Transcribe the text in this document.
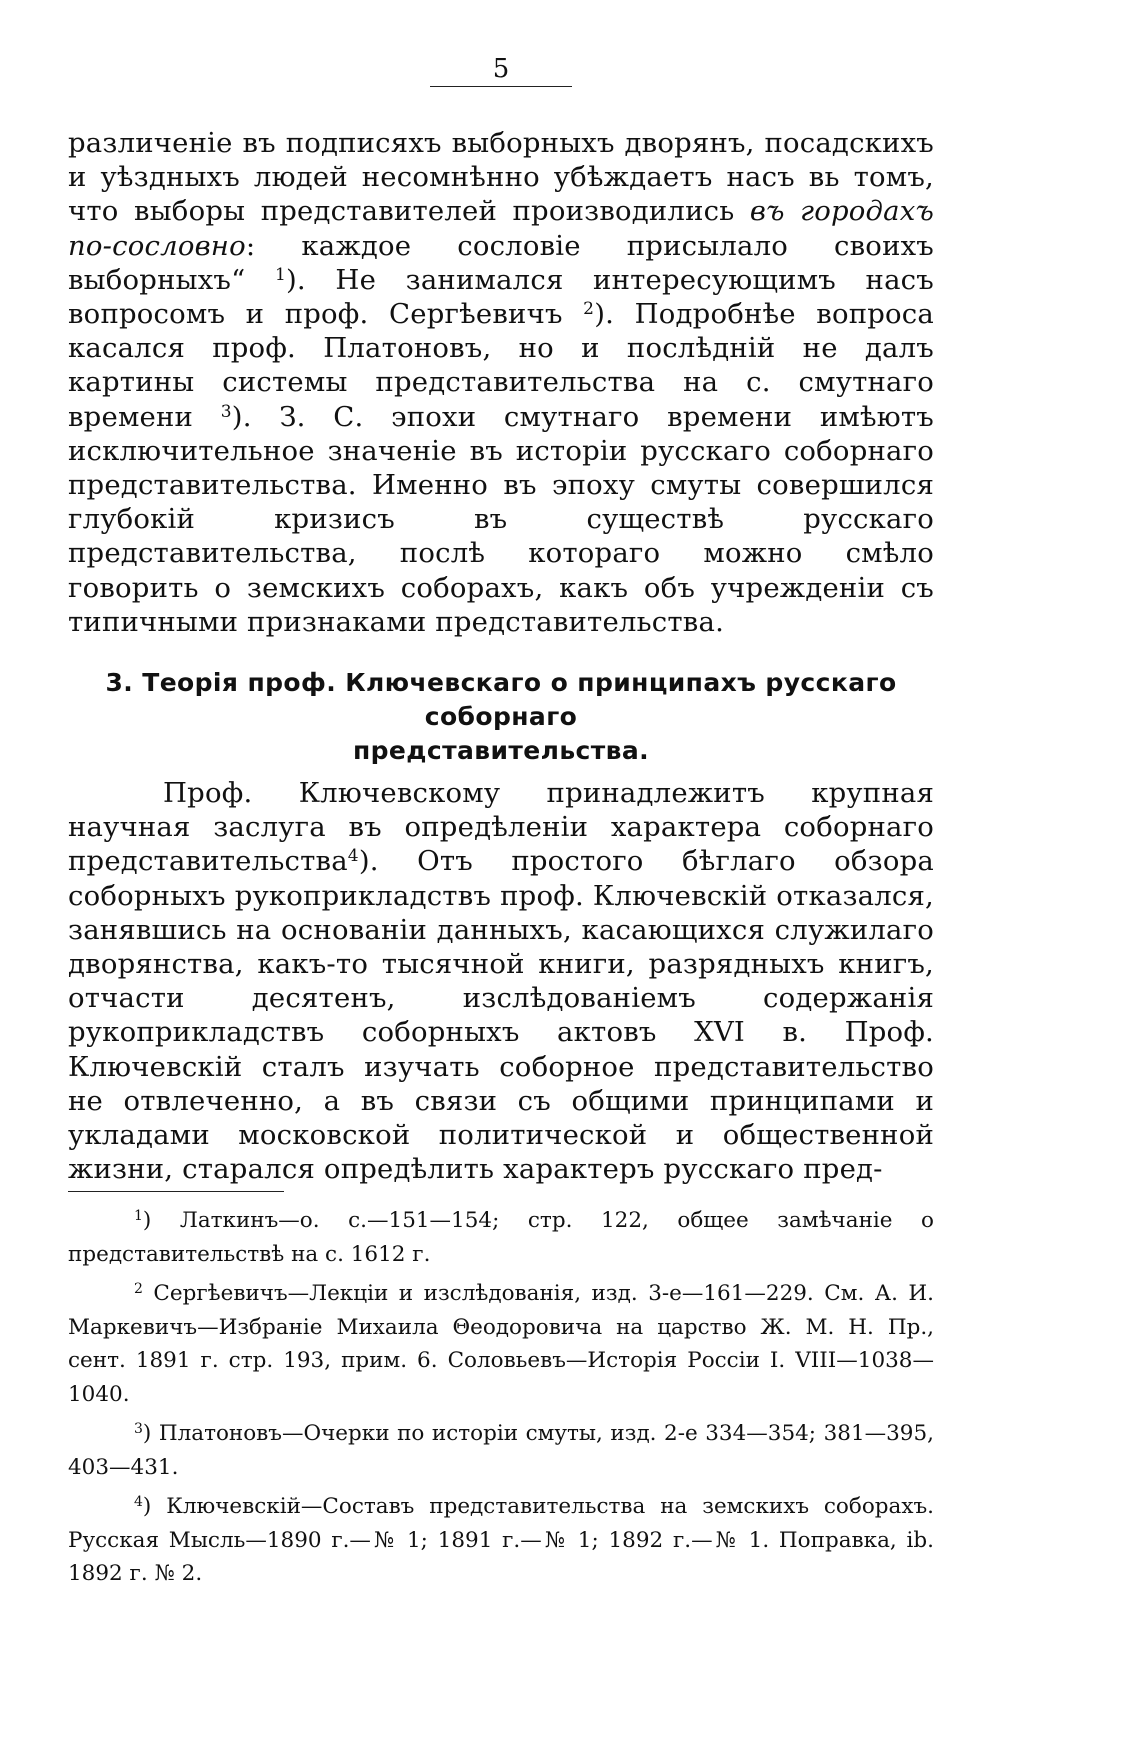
5
различеніе въ подписяхъ выборныхъ дворянъ, посадскихъ и уѣздныхъ людей несомнѣнно убѣждаетъ насъ вь томъ, что выборы представителей производились въ городахъ по-сословно: каждое сословіе присылало своихъ выборныхъ“ $^1$). Не занимался интересующимъ насъ вопросомъ и проф. Сергѣевичъ $^2$). Подробнѣе вопроса касался проф. Платоновъ, но и послѣдній не далъ картины системы представительства на с. смутнаго времени $^3$). З. С. эпохи смутнаго времени имѣютъ исключительное значеніе въ исторіи русскаго соборнаго представительства. Именно въ эпоху смуты совершился глубокій кризисъ въ существѣ русскаго представительства, послѣ котораго можно смѣло говорить о земскихъ соборахъ, какъ объ учрежденіи съ типичными признаками представительства.
3. Теорія проф. Ключевскаго о принципахъ русскаго соборнаго
представительства.
Проф. Ключевскому принадлежитъ крупная научная заслуга въ опредѣленіи характера соборнаго представительства$^4$). Отъ простого бѣглаго обзора соборныхъ рукоприкладствъ проф. Ключевскій отказался, занявшись на основаніи данныхъ, касающихся служилаго дворянства, какъ-то тысячной книги, разрядныхъ книгъ, отчасти десятенъ, изслѣдованіемъ содержанія рукоприкладствъ соборныхъ актовъ XVI в. Проф. Ключевскій сталъ изучать соборное представительство не отвлеченно, а въ связи съ общими принципами и укладами московской политической и общественной жизни, старался опредѣлить характеръ русскаго пред-

$^1$) Латкинъ—о. с.—151—154; стр. 122, общее замѣчаніе о представительствѣ на с. 1612 г.

$^2$ Сергѣевичъ—Лекціи и изслѣдованія, изд. 3-е—161—229. См. А. И. Маркевичъ—Избраніе Михаила Θеодоровича на царство Ж. М. Н. Пр., сент. 1891 г. стр. 193, прим. 6. Соловьевъ—Исторія Россіи I. VIII—1038—1040.

$^3$) Платоновъ—Очерки по исторіи смуты, изд. 2-е 334—354; 381—395, 403—431.

$^4$) Ключевскій—Составъ представительства на земскихъ соборахъ. Русская Мысль—1890 г.—№ 1; 1891 г.—№ 1; 1892 г.—№ 1. Поправка, ib. 1892 г. № 2.
